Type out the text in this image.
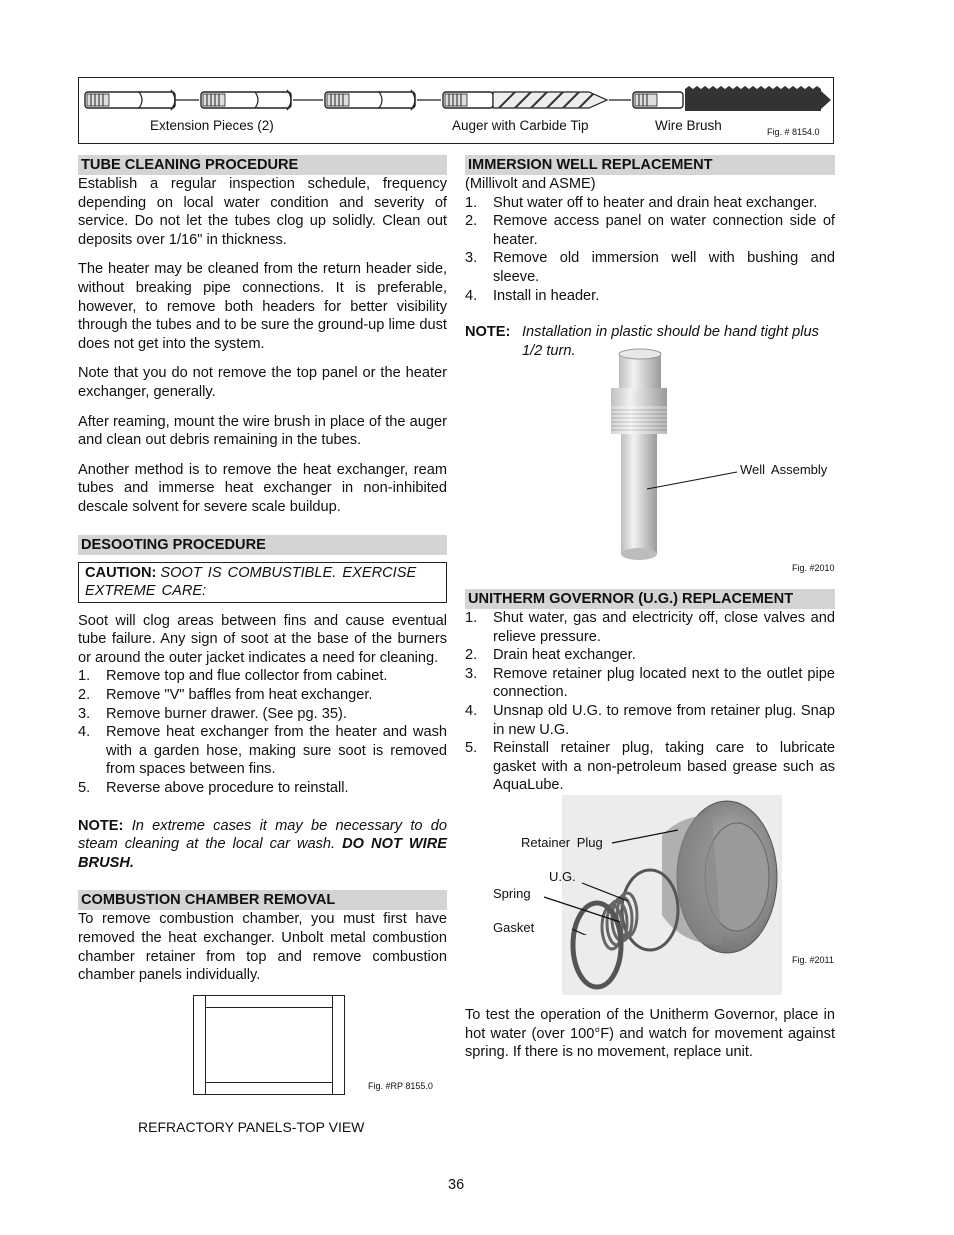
Extension Pieces (2)	Auger with Carbide Tip	Wire Brush	Fig. # 8154.0
TUBE CLEANING PROCEDURE

Establish a regular inspection schedule, frequency depending on local water condition and severity of service. Do not let the tubes clog up solidly. Clean out deposits over 1/16" in thickness.

The heater may be cleaned from the return header side, without breaking pipe connections. It is preferable, however, to remove both headers for better visibility through the tubes and to be sure the ground-up lime dust does not get into the system.

Note that you do not remove the top panel or the heater exchanger, generally.

After reaming, mount the wire brush in place of the auger and clean out debris remaining in the tubes.

Another method is to remove the heat exchanger, ream tubes and immerse heat exchanger in non-inhibited descale solvent for severe scale buildup.

DESOOTING PROCEDURE
CAUTION: SOOT IS COMBUSTIBLE. EXERCISE EXTREME CARE:

Soot will clog areas between fins and cause eventual tube failure. Any sign of soot at the base of the burners or around the outer jacket indicates a need for cleaning.

1. Remove top and flue collector from cabinet.
2. Remove "V" baffles from heat exchanger.
3. Remove burner drawer. (See pg. 35).
4. Remove heat exchanger from the heater and wash with a garden hose, making sure soot is removed from spaces between fins.
5. Reverse above procedure to reinstall.

NOTE: In extreme cases it may be necessary to do steam cleaning at the local car wash. DO NOT WIRE BRUSH.

COMBUSTION CHAMBER REMOVAL

To remove combustion chamber, you must first have removed the heat exchanger. Unbolt metal combustion chamber retainer from top and remove combustion chamber panels individually.

Fig. #RP 8155.0
REFRACTORY PANELS-TOP VIEW
IMMERSION WELL REPLACEMENT

(Millivolt and ASME)

1. Shut water off to heater and drain heat exchanger.
2. Remove access panel on water connection side of heater.
3. Remove old immersion well with bushing and sleeve.
4. Install in header.
NOTE: Installation in plastic should be hand tight plus 1/2 turn.
Well Assembly
Fig. #2010
UNITHERM GOVERNOR (U.G.) REPLACEMENT
1. Shut water, gas and electricity off, close valves and relieve pressure.
2. Drain heat exchanger.
3. Remove retainer plug located next to the outlet pipe connection.
4. Unsnap old U.G. to remove from retainer plug. Snap in new U.G.
5. Reinstall retainer plug, taking care to lubricate gasket with a non-petroleum based grease such as AquaLube.
Retainer Plug
U.G.
Spring
Gasket
Fig. #2011

To test the operation of the Unitherm Governor, place in hot water (over 100°F) and watch for movement against spring. If there is no movement, replace unit.

36
